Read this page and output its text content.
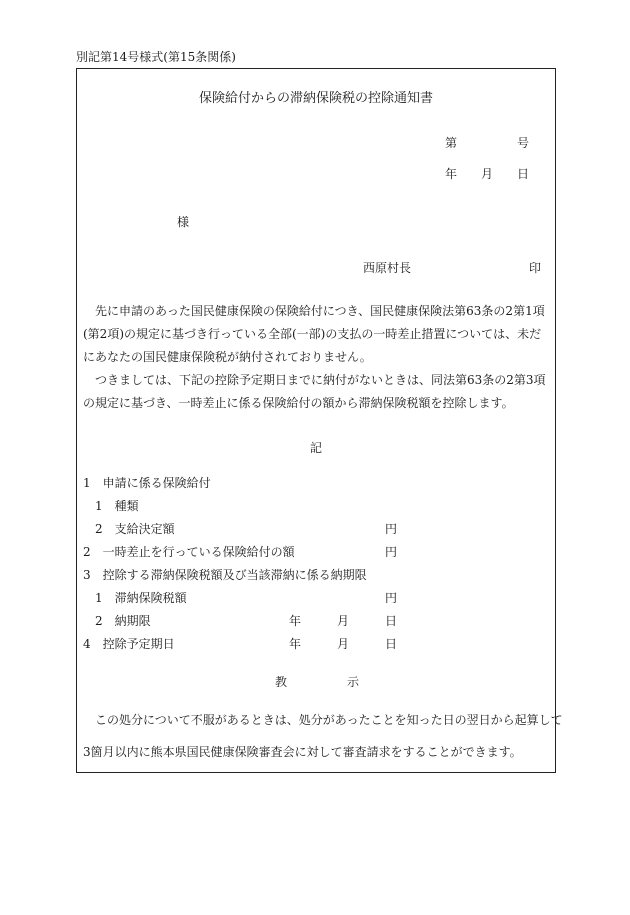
別記第14号様式(第15条関係)
保険給付からの滞納保険税の控除通知書
第	号
年 月 日
様
西原村長	印
先に申請のあった国民健康保険の保険給付につき、国民健康保険法第63条の2第1項(第2項)の規定に基づき行っている全部(一部)の支払の一時差止措置については、未だにあなたの国民健康保険税が納付されておりません。
つきましては、下記の控除予定期日までに納付がないときは、同法第63条の2第3項の規定に基づき、一時差止に係る保険給付の額から滞納保険税額を控除します。
記
1　申請に係る保険給付
1　種類
2　支給決定額	円
2　一時差止を行っている保険給付の額	円
3　控除する滞納保険税額及び当該滞納に係る納期限
1　滞納保険税額	円
2　納期限	年	月	日
4　控除予定期日	年	月	日
教	示
この処分について不服があるときは、処分があったことを知った日の翌日から起算して
3箇月以内に熊本県国民健康保険審査会に対して審査請求をすることができます。
